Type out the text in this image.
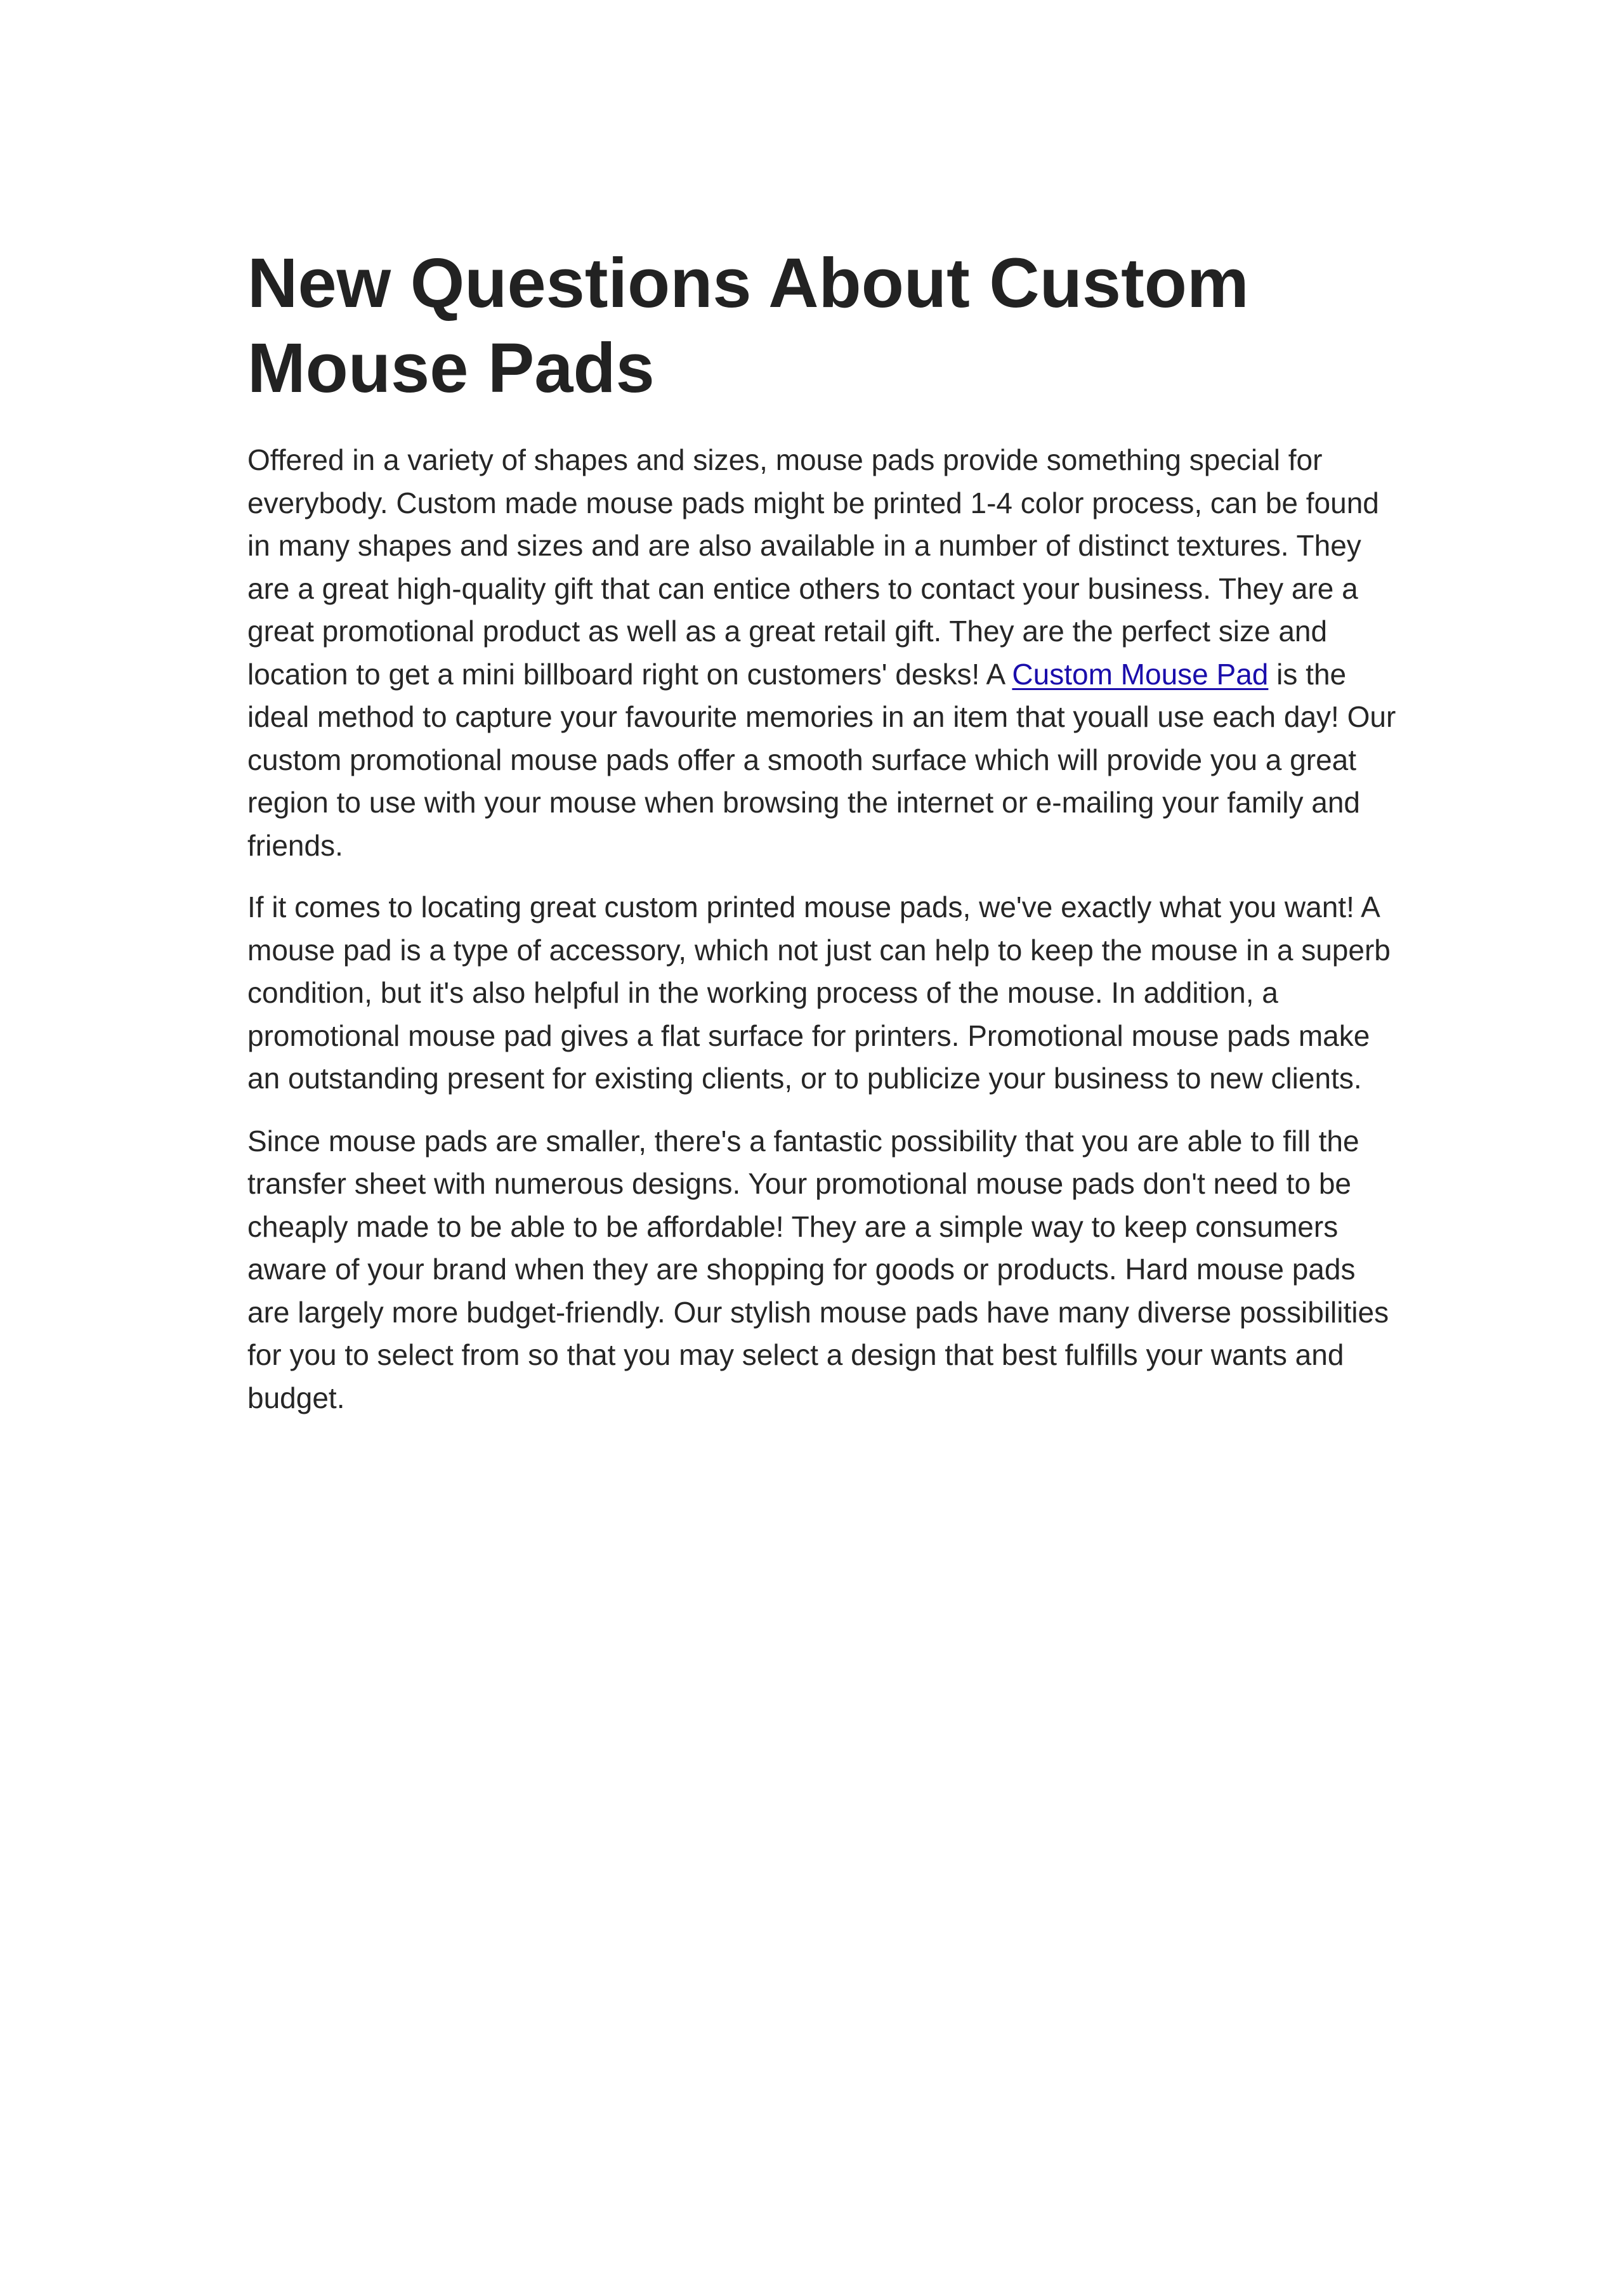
New Questions About Custom
Mouse Pads

Offered in a variety of shapes and sizes, mouse pads provide something special for everybody. Custom made mouse pads might be printed 1-4 color process, can be found in many shapes and sizes and are also available in a number of distinct textures. They are a great high-quality gift that can entice others to contact your business. They are a great promotional product as well as a great retail gift. They are the perfect size and location to get a mini billboard right on customers' desks! A Custom Mouse Pad is the ideal method to capture your favourite memories in an item that youall use each day! Our custom promotional mouse pads offer a smooth surface which will provide you a great region to use with your mouse when browsing the internet or e-mailing your family and friends.

If it comes to locating great custom printed mouse pads, we've exactly what you want! A mouse pad is a type of accessory, which not just can help to keep the mouse in a superb condition, but it's also helpful in the working process of the mouse. In addition, a promotional mouse pad gives a flat surface for printers. Promotional mouse pads make an outstanding present for existing clients, or to publicize your business to new clients.

Since mouse pads are smaller, there's a fantastic possibility that you are able to fill the transfer sheet with numerous designs. Your promotional mouse pads don't need to be cheaply made to be able to be affordable! They are a simple way to keep consumers aware of your brand when they are shopping for goods or products. Hard mouse pads are largely more budget-friendly. Our stylish mouse pads have many diverse possibilities for you to select from so that you may select a design that best fulfills your wants and budget.
